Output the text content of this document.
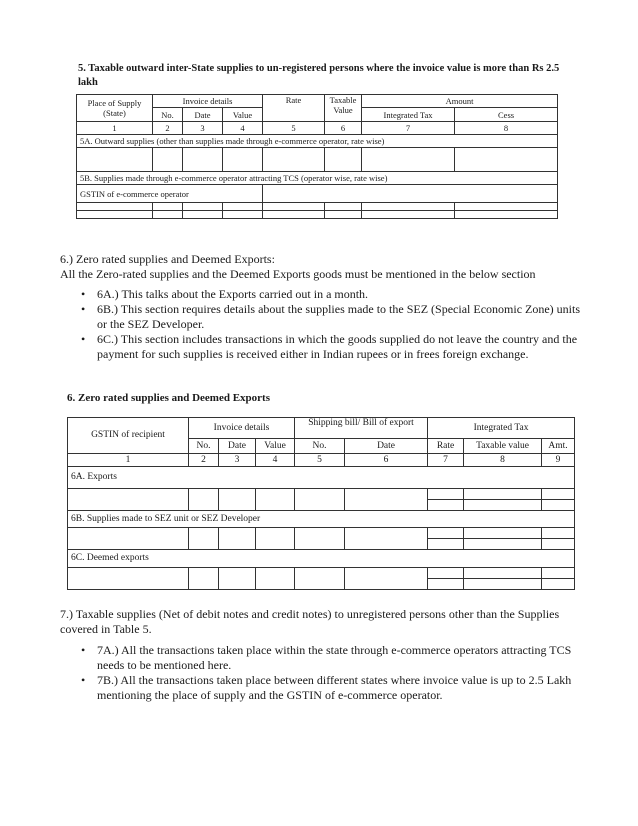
5. Taxable outward inter-State supplies to un-registered persons where the invoice value is more than Rs 2.5 lakh
Place of Supply (State)	Invoice details			Rate	Taxable Value	Amount	
	No.	Date	Value			Integrated Tax	Cess
1	2	3	4	5	6	7	8
5A. Outward supplies (other than supplies made through e-commerce operator, rate wise)							

5B. Supplies made through e-commerce operator attracting TCS (operator wise, rate wise)							
GSTIN of e-commerce operator							

6.) Zero rated supplies and Deemed Exports:
All the Zero-rated supplies and the Deemed Exports goods must be mentioned in the below section
• 6A.) This talks about the Exports carried out in a month.
• 6B.) This section requires details about the supplies made to the SEZ (Special Economic Zone) units or the SEZ Developer.
• 6C.) This section includes transactions in which the goods supplied do not leave the country and the payment for such supplies is received either in Indian rupees or in frees foreign exchange.
6. Zero rated supplies and Deemed Exports
GSTIN of recipient	Invoice details			Shipping bill/ Bill of export		Integrated Tax		
	No.	Date	Value	No.	Date	Rate	Taxable value	Amt.
1	2	3	4	5	6	7	8	9
6A. Exports								

6B. Supplies made to SEZ unit or SEZ Developer								

6C. Deemed exports								

7.) Taxable supplies (Net of debit notes and credit notes) to unregistered persons other than the Supplies covered in Table 5.
• 7A.) All the transactions taken place within the state through e-commerce operators attracting TCS needs to be mentioned here.
• 7B.) All the transactions taken place between different states where invoice value is up to 2.5 Lakh mentioning the place of supply and the GSTIN of e-commerce operator.
